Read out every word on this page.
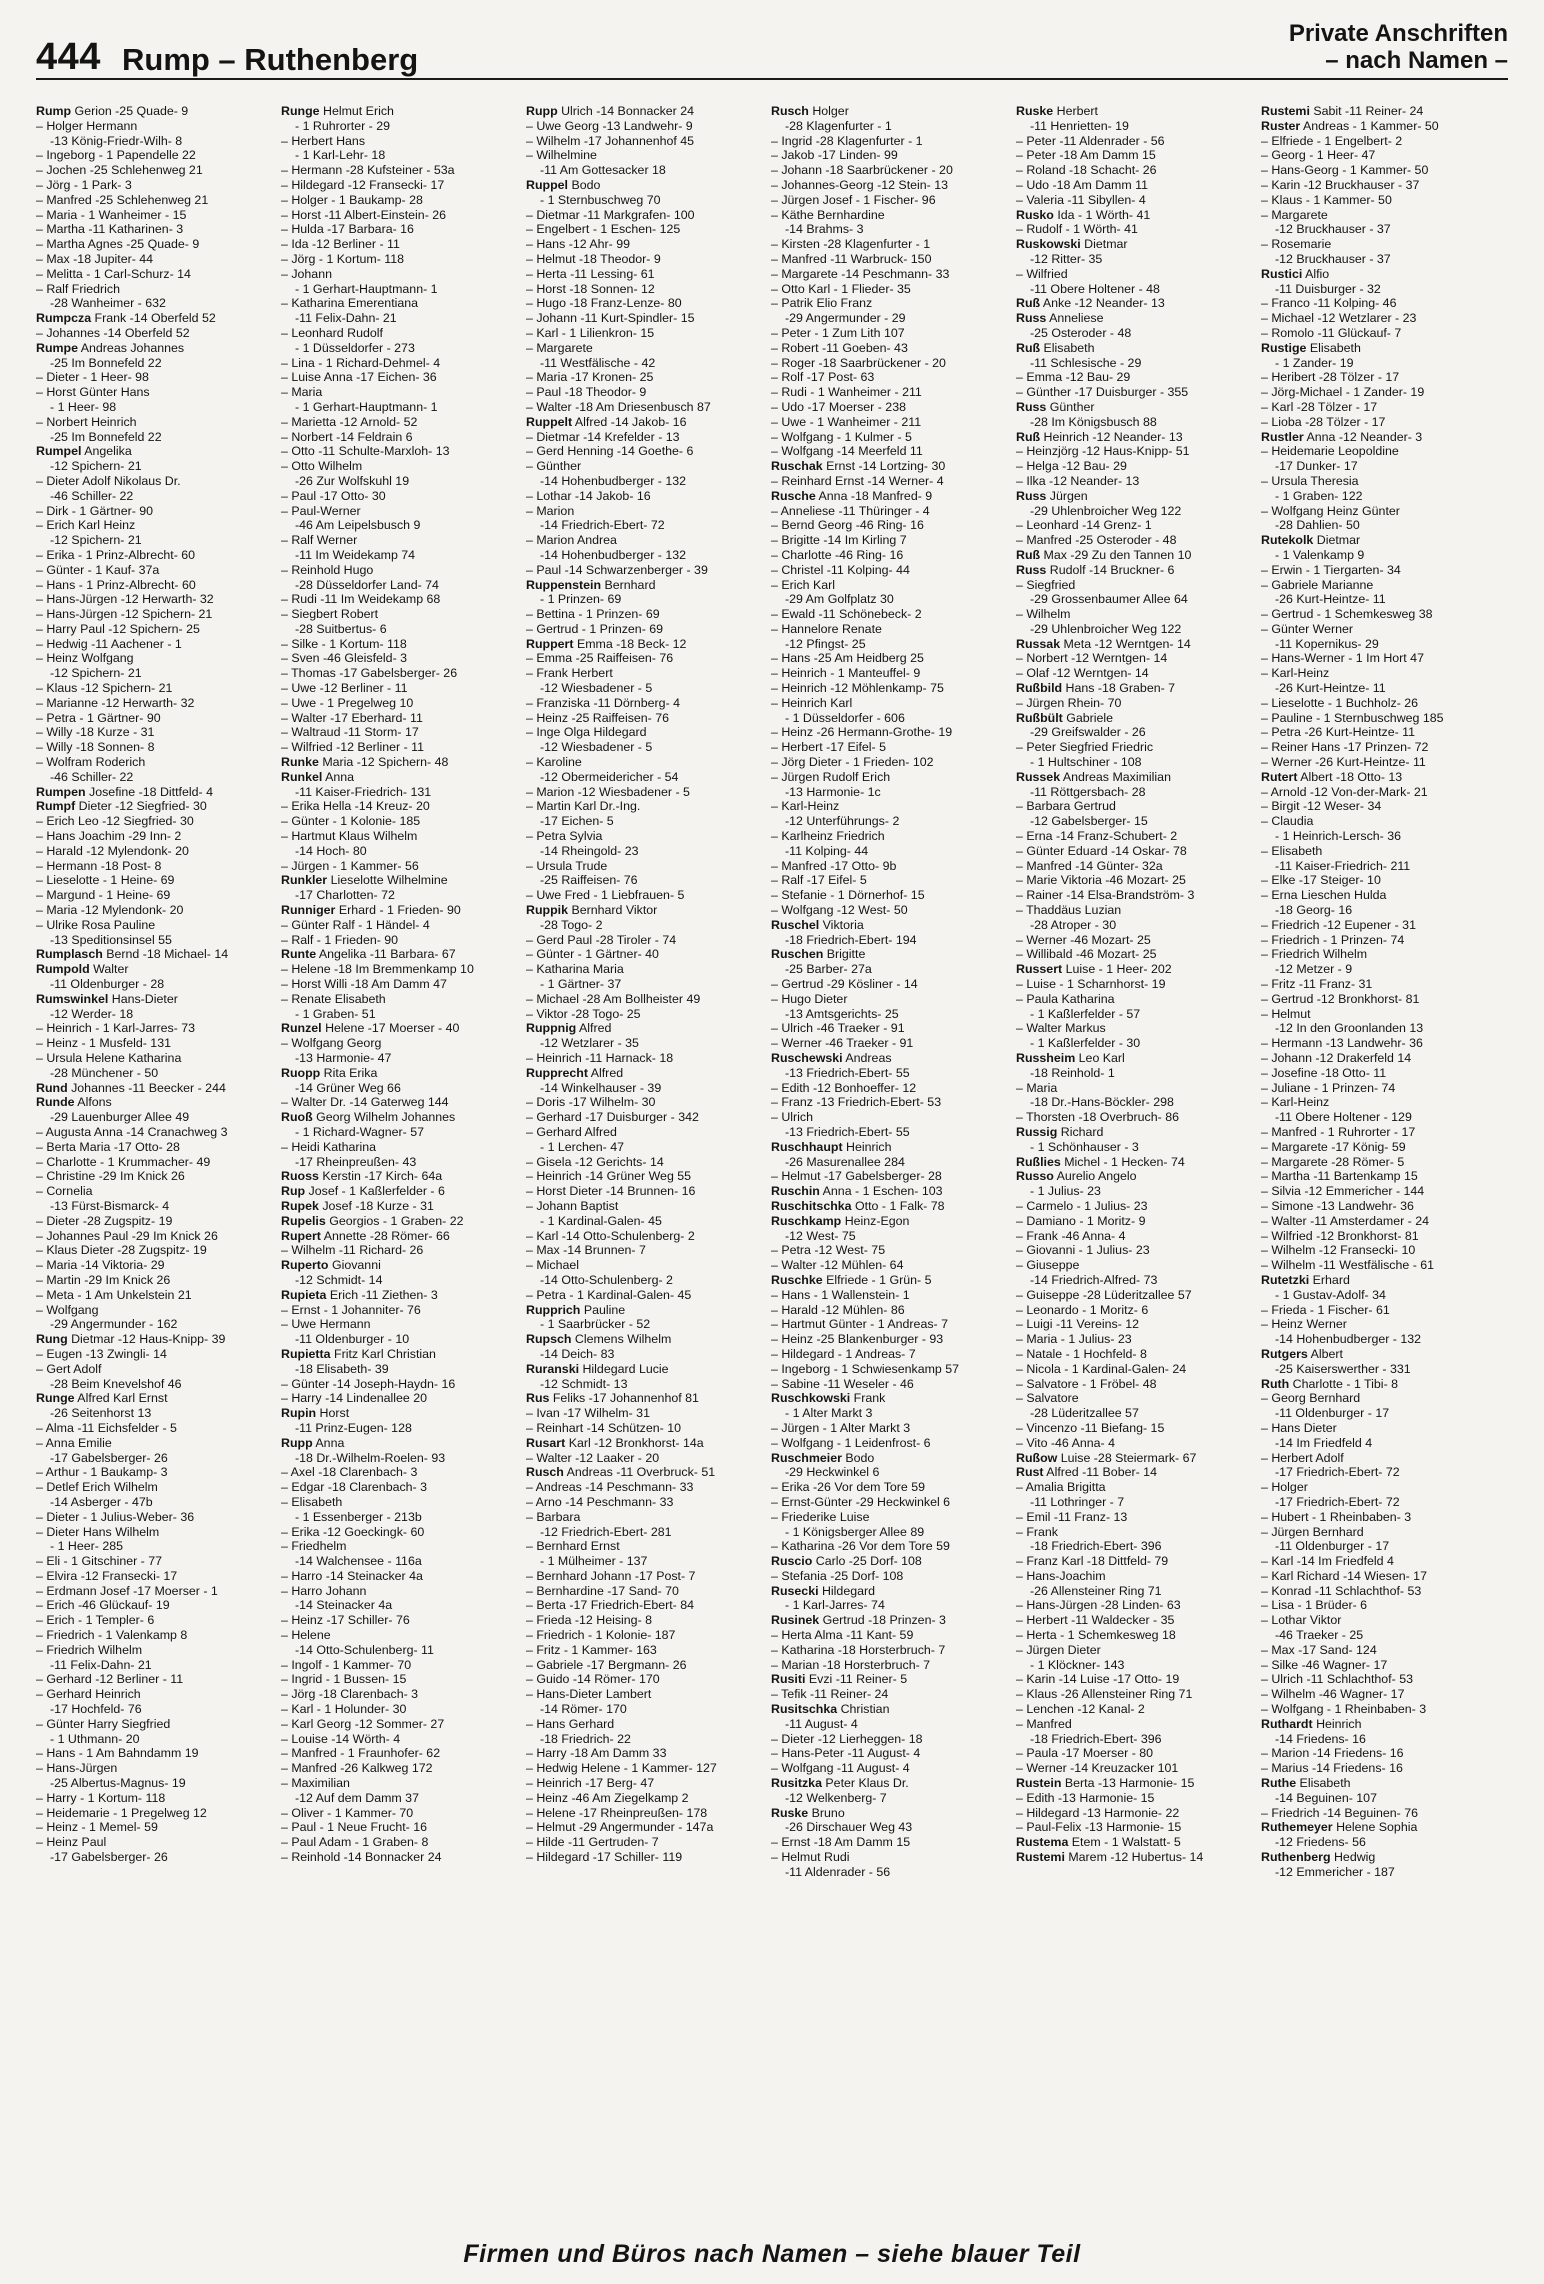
444 Rump – Ruthenberg
Private Anschriften
– nach Namen –
Rump Gerion -25 Quade- 9
– Holger Hermann
-13 König-Friedr-Wilh- 8
– Ingeborg - 1 Papendelle 22
– Jochen -25 Schlehenweg 21
– Jörg - 1 Park- 3
– Manfred -25 Schlehenweg 21
– Maria - 1 Wanheimer - 15
– Martha -11 Katharinen- 3
– Martha Agnes -25 Quade- 9
– Max -18 Jupiter- 44
– Melitta - 1 Carl-Schurz- 14
– Ralf Friedrich
-28 Wanheimer - 632
Rumpcza Frank -14 Oberfeld 52
– Johannes -14 Oberfeld 52
Rumpe Andreas Johannes
-25 Im Bonnefeld 22
– Dieter - 1 Heer- 98
– Horst Günter Hans
- 1 Heer- 98
– Norbert Heinrich
-25 Im Bonnefeld 22
Rumpel Angelika
-12 Spichern- 21
– Dieter Adolf Nikolaus Dr.
-46 Schiller- 22
– Dirk - 1 Gärtner- 90
– Erich Karl Heinz
-12 Spichern- 21
– Erika - 1 Prinz-Albrecht- 60
– Günter - 1 Kauf- 37a
– Hans - 1 Prinz-Albrecht- 60
– Hans-Jürgen -12 Herwarth- 32
– Hans-Jürgen -12 Spichern- 21
– Harry Paul -12 Spichern- 25
– Hedwig -11 Aachener - 1
– Heinz Wolfgang
-12 Spichern- 21
– Klaus -12 Spichern- 21
– Marianne -12 Herwarth- 32
– Petra - 1 Gärtner- 90
– Willy -18 Kurze - 31
– Willy -18 Sonnen- 8
– Wolfram Roderich
-46 Schiller- 22
Rumpen Josefine -18 Dittfeld- 4
Rumpf Dieter -12 Siegfried- 30
– Erich Leo -12 Siegfried- 30
– Hans Joachim -29 Inn- 2
– Harald -12 Mylendonk- 20
– Hermann -18 Post- 8
– Lieselotte - 1 Heine- 69
– Margund - 1 Heine- 69
– Maria -12 Mylendonk- 20
– Ulrike Rosa Pauline
-13 Speditionsinsel 55
Rumplasch Bernd -18 Michael- 14
Rumpold Walter
-11 Oldenburger - 28
Rumswinkel Hans-Dieter
-12 Werder- 18
– Heinrich - 1 Karl-Jarres- 73
– Heinz - 1 Musfeld- 131
– Ursula Helene Katharina
-28 Münchener - 50
Rund Johannes -11 Beecker - 244
Runde Alfons
-29 Lauenburger Allee 49
– Augusta Anna -14 Cranachweg 3
– Berta Maria -17 Otto- 28
– Charlotte - 1 Krummacher- 49
– Christine -29 Im Knick 26
– Cornelia
-13 Fürst-Bismarck- 4
– Dieter -28 Zugspitz- 19
– Johannes Paul -29 Im Knick 26
– Klaus Dieter -28 Zugspitz- 19
– Maria -14 Viktoria- 29
– Martin -29 Im Knick 26
– Meta - 1 Am Unkelstein 21
– Wolfgang
-29 Angermunder - 162
Rung Dietmar -12 Haus-Knipp- 39
– Eugen -13 Zwingli- 14
– Gert Adolf
-28 Beim Knevelshof 46
Runge Alfred Karl Ernst
-26 Seitenhorst 13
– Alma -11 Eichsfelder - 5
– Anna Emilie
-17 Gabelsberger- 26
– Arthur - 1 Baukamp- 3
– Detlef Erich Wilhelm
-14 Asberger - 47b
– Dieter - 1 Julius-Weber- 36
– Dieter Hans Wilhelm
- 1 Heer- 285
– Eli - 1 Gitschiner - 77
– Elvira -12 Fransecki- 17
– Erdmann Josef -17 Moerser - 1
– Erich -46 Glückauf- 19
– Erich - 1 Templer- 6
– Friedrich - 1 Valenkamp 8
– Friedrich Wilhelm
-11 Felix-Dahn- 21
– Gerhard -12 Berliner - 11
– Gerhard Heinrich
-17 Hochfeld- 76
– Günter Harry Siegfried
- 1 Uthmann- 20
– Hans - 1 Am Bahndamm 19
– Hans-Jürgen
-25 Albertus-Magnus- 19
– Harry - 1 Kortum- 118
– Heidemarie - 1 Pregelweg 12
– Heinz - 1 Memel- 59
– Heinz Paul
-17 Gabelsberger- 26
Runge Helmut Erich
- 1 Ruhrorter - 29
– Herbert Hans
- 1 Karl-Lehr- 18
– Hermann -28 Kufsteiner - 53a
– Hildegard -12 Fransecki- 17
– Holger - 1 Baukamp- 28
– Horst -11 Albert-Einstein- 26
– Hulda -17 Barbara- 16
– Ida -12 Berliner - 11
– Jörg - 1 Kortum- 118
– Johann
- 1 Gerhart-Hauptmann- 1
– Katharina Emerentiana
-11 Felix-Dahn- 21
– Leonhard Rudolf
- 1 Düsseldorfer - 273
– Lina - 1 Richard-Dehmel- 4
– Luise Anna -17 Eichen- 36
– Maria
- 1 Gerhart-Hauptmann- 1
– Marietta -12 Arnold- 52
– Norbert -14 Feldrain 6
– Otto -11 Schulte-Marxloh- 13
– Otto Wilhelm
-26 Zur Wolfskuhl 19
– Paul -17 Otto- 30
– Paul-Werner
-46 Am Leipelsbusch 9
– Ralf Werner
-11 Im Weidekamp 74
– Reinhold Hugo
-28 Düsseldorfer Land- 74
– Rudi -11 Im Weidekamp 68
– Siegbert Robert
-28 Suitbertus- 6
– Silke - 1 Kortum- 118
– Sven -46 Gleisfeld- 3
– Thomas -17 Gabelsberger- 26
– Uwe -12 Berliner - 11
– Uwe - 1 Pregelweg 10
– Walter -17 Eberhard- 11
– Waltraud -11 Storm- 17
– Wilfried -12 Berliner - 11
Runke Maria -12 Spichern- 48
Runkel Anna
-11 Kaiser-Friedrich- 131
– Erika Hella -14 Kreuz- 20
– Günter - 1 Kolonie- 185
– Hartmut Klaus Wilhelm
-14 Hoch- 80
– Jürgen - 1 Kammer- 56
Runkler Lieselotte Wilhelmine
-17 Charlotten- 72
Runniger Erhard - 1 Frieden- 90
– Günter Ralf - 1 Händel- 4
– Ralf - 1 Frieden- 90
Runte Angelika -11 Barbara- 67
– Helene -18 Im Bremmenkamp 10
– Horst Willi -18 Am Damm 47
– Renate Elisabeth
- 1 Graben- 51
Runzel Helene -17 Moerser - 40
– Wolfgang Georg
-13 Harmonie- 47
Ruopp Rita Erika
-14 Grüner Weg 66
– Walter Dr. -14 Gaterweg 144
Ruoß Georg Wilhelm Johannes
- 1 Richard-Wagner- 57
– Heidi Katharina
-17 Rheinpreußen- 43
Ruoss Kerstin -17 Kirch- 64a
Rup Josef - 1 Kaßlerfelder - 6
Rupek Josef -18 Kurze - 31
Rupelis Georgios - 1 Graben- 22
Rupert Annette -28 Römer- 66
– Wilhelm -11 Richard- 26
Ruperto Giovanni
-12 Schmidt- 14
Rupieta Erich -11 Ziethen- 3
– Ernst - 1 Johanniter- 76
– Uwe Hermann
-11 Oldenburger - 10
Rupietta Fritz Karl Christian
-18 Elisabeth- 39
– Günter -14 Joseph-Haydn- 16
– Harry -14 Lindenallee 20
Rupin Horst
-11 Prinz-Eugen- 128
Rupp Anna
-18 Dr.-Wilhelm-Roelen- 93
– Axel -18 Clarenbach- 3
– Edgar -18 Clarenbach- 3
– Elisabeth
- 1 Essenberger - 213b
– Erika -12 Goeckingk- 60
– Friedhelm
-14 Walchensee - 116a
– Harro -14 Steinacker 4a
– Harro Johann
-14 Steinacker 4a
– Heinz -17 Schiller- 76
– Helene
-14 Otto-Schulenberg- 11
– Ingolf - 1 Kammer- 70
– Ingrid - 1 Bussen- 15
– Jörg -18 Clarenbach- 3
– Karl - 1 Holunder- 30
– Karl Georg -12 Sommer- 27
– Louise -14 Wörth- 4
– Manfred - 1 Fraunhofer- 62
– Manfred -26 Kalkweg 172
– Maximilian
-12 Auf dem Damm 37
– Oliver - 1 Kammer- 70
– Paul - 1 Neue Frucht- 16
– Paul Adam - 1 Graben- 8
– Reinhold -14 Bonnacker 24
Rupp Ulrich -14 Bonnacker 24
– Uwe Georg -13 Landwehr- 9
– Wilhelm -17 Johannenhof 45
– Wilhelmine
-11 Am Gottesacker 18
Ruppel Bodo
- 1 Sternbuschweg 70
– Dietmar -11 Markgrafen- 100
– Engelbert - 1 Eschen- 125
– Hans -12 Ahr- 99
– Helmut -18 Theodor- 9
– Herta -11 Lessing- 61
– Horst -18 Sonnen- 12
– Hugo -18 Franz-Lenze- 80
– Johann -11 Kurt-Spindler- 15
– Karl - 1 Lilienkron- 15
– Margarete
-11 Westfälische - 42
– Maria -17 Kronen- 25
– Paul -18 Theodor- 9
– Walter -18 Am Driesenbusch 87
Ruppelt Alfred -14 Jakob- 16
– Dietmar -14 Krefelder - 13
– Gerd Henning -14 Goethe- 6
– Günther
-14 Hohenbudberger - 132
– Lothar -14 Jakob- 16
– Marion
-14 Friedrich-Ebert- 72
– Marion Andrea
-14 Hohenbudberger - 132
– Paul -14 Schwarzenberger - 39
Ruppenstein Bernhard
- 1 Prinzen- 69
– Bettina - 1 Prinzen- 69
– Gertrud - 1 Prinzen- 69
Ruppert Emma -18 Beck- 12
– Emma -25 Raiffeisen- 76
– Frank Herbert
-12 Wiesbadener - 5
– Franziska -11 Dörnberg- 4
– Heinz -25 Raiffeisen- 76
– Inge Olga Hildegard
-12 Wiesbadener - 5
– Karoline
-12 Obermeidericher - 54
– Marion -12 Wiesbadener - 5
– Martin Karl Dr.-Ing.
-17 Eichen- 5
– Petra Sylvia
-14 Rheingold- 23
– Ursula Trude
-25 Raiffeisen- 76
– Uwe Fred - 1 Liebfrauen- 5
Ruppik Bernhard Viktor
-28 Togo- 2
– Gerd Paul -28 Tiroler - 74
– Günter - 1 Gärtner- 40
– Katharina Maria
- 1 Gärtner- 37
– Michael -28 Am Bollheister 49
– Viktor -28 Togo- 25
Ruppnig Alfred
-12 Wetzlarer - 35
– Heinrich -11 Harnack- 18
Rupprecht Alfred
-14 Winkelhauser - 39
– Doris -17 Wilhelm- 30
– Gerhard -17 Duisburger - 342
– Gerhard Alfred
- 1 Lerchen- 47
– Gisela -12 Gerichts- 14
– Heinrich -14 Grüner Weg 55
– Horst Dieter -14 Brunnen- 16
– Johann Baptist
- 1 Kardinal-Galen- 45
– Karl -14 Otto-Schulenberg- 2
– Max -14 Brunnen- 7
– Michael
-14 Otto-Schulenberg- 2
– Petra - 1 Kardinal-Galen- 45
Rupprich Pauline
- 1 Saarbrücker - 52
Rupsch Clemens Wilhelm
-14 Deich- 83
Ruranski Hildegard Lucie
-12 Schmidt- 13
Rus Feliks -17 Johannenhof 81
– Ivan -17 Wilhelm- 31
– Reinhart -14 Schützen- 10
Rusart Karl -12 Bronkhorst- 14a
– Walter -12 Laaker - 20
Rusch Andreas -11 Overbruck- 51
– Andreas -14 Peschmann- 33
– Arno -14 Peschmann- 33
– Barbara
-12 Friedrich-Ebert- 281
– Bernhard Ernst
- 1 Mülheimer - 137
– Bernhard Johann -17 Post- 7
– Bernhardine -17 Sand- 70
– Berta -17 Friedrich-Ebert- 84
– Frieda -12 Heising- 8
– Friedrich - 1 Kolonie- 187
– Fritz - 1 Kammer- 163
– Gabriele -17 Bergmann- 26
– Guido -14 Römer- 170
– Hans-Dieter Lambert
-14 Römer- 170
– Hans Gerhard
-18 Friedrich- 22
– Harry -18 Am Damm 33
– Hedwig Helene - 1 Kammer- 127
– Heinrich -17 Berg- 47
– Heinz -46 Am Ziegelkamp 2
– Helene -17 Rheinpreußen- 178
– Helmut -29 Angermunder - 147a
– Hilde -11 Gertruden- 7
– Hildegard -17 Schiller- 119
Rusch Holger
-28 Klagenfurter - 1
– Ingrid -28 Klagenfurter - 1
– Jakob -17 Linden- 99
– Johann -18 Saarbrückener - 20
– Johannes-Georg -12 Stein- 13
– Jürgen Josef - 1 Fischer- 96
– Käthe Bernhardine
-14 Brahms- 3
– Kirsten -28 Klagenfurter - 1
– Manfred -11 Warbruck- 150
– Margarete -14 Peschmann- 33
– Otto Karl - 1 Flieder- 35
– Patrik Elio Franz
-29 Angermunder - 29
– Peter - 1 Zum Lith 107
– Robert -11 Goeben- 43
– Roger -18 Saarbrückener - 20
– Rolf -17 Post- 63
– Rudi - 1 Wanheimer - 211
– Udo -17 Moerser - 238
– Uwe - 1 Wanheimer - 211
– Wolfgang - 1 Kulmer - 5
– Wolfgang -14 Meerfeld 11
Ruschak Ernst -14 Lortzing- 30
– Reinhard Ernst -14 Werner- 4
Rusche Anna -18 Manfred- 9
– Anneliese -11 Thüringer - 4
– Bernd Georg -46 Ring- 16
– Brigitte -14 Im Kirling 7
– Charlotte -46 Ring- 16
– Christel -11 Kolping- 44
– Erich Karl
-29 Am Golfplatz 30
– Ewald -11 Schönebeck- 2
– Hannelore Renate
-12 Pfingst- 25
– Hans -25 Am Heidberg 25
– Heinrich - 1 Manteuffel- 9
– Heinrich -12 Möhlenkamp- 75
– Heinrich Karl
- 1 Düsseldorfer - 606
– Heinz -26 Hermann-Grothe- 19
– Herbert -17 Eifel- 5
– Jörg Dieter - 1 Frieden- 102
– Jürgen Rudolf Erich
-13 Harmonie- 1c
– Karl-Heinz
-12 Unterführungs- 2
– Karlheinz Friedrich
-11 Kolping- 44
– Manfred -17 Otto- 9b
– Ralf -17 Eifel- 5
– Stefanie - 1 Dörnerhof- 15
– Wolfgang -12 West- 50
Ruschel Viktoria
-18 Friedrich-Ebert- 194
Ruschen Brigitte
-25 Barber- 27a
– Gertrud -29 Kösliner - 14
– Hugo Dieter
-13 Amtsgerichts- 25
– Ulrich -46 Traeker - 91
– Werner -46 Traeker - 91
Ruschewski Andreas
-13 Friedrich-Ebert- 55
– Edith -12 Bonhoeffer- 12
– Franz -13 Friedrich-Ebert- 53
– Ulrich
-13 Friedrich-Ebert- 55
Ruschhaupt Heinrich
-26 Masurenallee 284
– Helmut -17 Gabelsberger- 28
Ruschin Anna - 1 Eschen- 103
Ruschitschka Otto - 1 Falk- 78
Ruschkamp Heinz-Egon
-12 West- 75
– Petra -12 West- 75
– Walter -12 Mühlen- 64
Ruschke Elfriede - 1 Grün- 5
– Hans - 1 Wallenstein- 1
– Harald -12 Mühlen- 86
– Hartmut Günter - 1 Andreas- 7
– Heinz -25 Blankenburger - 93
– Hildegard - 1 Andreas- 7
– Ingeborg - 1 Schwiesenkamp 57
– Sabine -11 Weseler - 46
Ruschkowski Frank
- 1 Alter Markt 3
– Jürgen - 1 Alter Markt 3
– Wolfgang - 1 Leidenfrost- 6
Ruschmeier Bodo
-29 Heckwinkel 6
– Erika -26 Vor dem Tore 59
– Ernst-Günter -29 Heckwinkel 6
– Friederike Luise
- 1 Königsberger Allee 89
– Katharina -26 Vor dem Tore 59
Ruscio Carlo -25 Dorf- 108
– Stefania -25 Dorf- 108
Rusecki Hildegard
- 1 Karl-Jarres- 74
Rusinek Gertrud -18 Prinzen- 3
– Herta Alma -11 Kant- 59
– Katharina -18 Horsterbruch- 7
– Marian -18 Horsterbruch- 7
Rusiti Evzi -11 Reiner- 5
– Tefik -11 Reiner- 24
Rusitschka Christian
-11 August- 4
– Dieter -12 Lierheggen- 18
– Hans-Peter -11 August- 4
– Wolfgang -11 August- 4
Rusitzka Peter Klaus Dr.
-12 Welkenberg- 7
Ruske Bruno
-26 Dirschauer Weg 43
– Ernst -18 Am Damm 15
– Helmut Rudi
-11 Aldenrader - 56
Ruske Herbert
-11 Henrietten- 19
– Peter -11 Aldenrader - 56
– Peter -18 Am Damm 15
– Roland -18 Schacht- 26
– Udo -18 Am Damm 11
– Valeria -11 Sibyllen- 4
Rusko Ida - 1 Wörth- 41
– Rudolf - 1 Wörth- 41
Ruskowski Dietmar
-12 Ritter- 35
– Wilfried
-11 Obere Holtener - 48
Ruß Anke -12 Neander- 13
Russ Anneliese
-25 Osteroder - 48
Ruß Elisabeth
-11 Schlesische - 29
– Emma -12 Bau- 29
– Günther -17 Duisburger - 355
Russ Günther
-28 Im Königsbusch 88
Ruß Heinrich -12 Neander- 13
– Heinzjörg -12 Haus-Knipp- 51
– Helga -12 Bau- 29
– Ilka -12 Neander- 13
Russ Jürgen
-29 Uhlenbroicher Weg 122
– Leonhard -14 Grenz- 1
– Manfred -25 Osteroder - 48
Ruß Max -29 Zu den Tannen 10
Russ Rudolf -14 Bruckner- 6
– Siegfried
-29 Grossenbaumer Allee 64
– Wilhelm
-29 Uhlenbroicher Weg 122
Russak Meta -12 Werntgen- 14
– Norbert -12 Werntgen- 14
– Olaf -12 Werntgen- 14
Rußbild Hans -18 Graben- 7
– Jürgen Rhein- 70
Rußbült Gabriele
-29 Greifswalder - 26
– Peter Siegfried Friedric
- 1 Hultschiner - 108
Russek Andreas Maximilian
-11 Röttgersbach- 28
– Barbara Gertrud
-12 Gabelsberger- 15
– Erna -14 Franz-Schubert- 2
– Günter Eduard -14 Oskar- 78
– Manfred -14 Günter- 32a
– Marie Viktoria -46 Mozart- 25
– Rainer -14 Elsa-Brandström- 3
– Thaddäus Luzian
-28 Atroper - 30
– Werner -46 Mozart- 25
– Willibald -46 Mozart- 25
Russert Luise - 1 Heer- 202
– Luise - 1 Scharnhorst- 19
– Paula Katharina
- 1 Kaßlerfelder - 57
– Walter Markus
- 1 Kaßlerfelder - 30
Russheim Leo Karl
-18 Reinhold- 1
– Maria
-18 Dr.-Hans-Böckler- 298
– Thorsten -18 Overbruch- 86
Russig Richard
- 1 Schönhauser - 3
Rußlies Michel - 1 Hecken- 74
Russo Aurelio Angelo
- 1 Julius- 23
– Carmelo - 1 Julius- 23
– Damiano - 1 Moritz- 9
– Frank -46 Anna- 4
– Giovanni - 1 Julius- 23
– Giuseppe
-14 Friedrich-Alfred- 73
– Guiseppe -28 Lüderitzallee 57
– Leonardo - 1 Moritz- 6
– Luigi -11 Vereins- 12
– Maria - 1 Julius- 23
– Natale - 1 Hochfeld- 8
– Nicola - 1 Kardinal-Galen- 24
– Salvatore - 1 Fröbel- 48
– Salvatore
-28 Lüderitzallee 57
– Vincenzo -11 Biefang- 15
– Vito -46 Anna- 4
Rußow Luise -28 Steiermark- 67
Rust Alfred -11 Bober- 14
– Amalia Brigitta
-11 Lothringer - 7
– Emil -11 Franz- 13
– Frank
-18 Friedrich-Ebert- 396
– Franz Karl -18 Dittfeld- 79
– Hans-Joachim
-26 Allensteiner Ring 71
– Hans-Jürgen -28 Linden- 63
– Herbert -11 Waldecker - 35
– Herta - 1 Schemkesweg 18
– Jürgen Dieter
- 1 Klöckner- 143
– Karin -14 Luise -17 Otto- 19
– Klaus -26 Allensteiner Ring 71
– Lenchen -12 Kanal- 2
– Manfred
-18 Friedrich-Ebert- 396
– Paula -17 Moerser - 80
– Werner -14 Kreuzacker 101
Rustein Berta -13 Harmonie- 15
– Edith -13 Harmonie- 15
– Hildegard -13 Harmonie- 22
– Paul-Felix -13 Harmonie- 15
Rustema Etem - 1 Walstatt- 5
Rustemi Marem -12 Hubertus- 14
Rustemi Sabit -11 Reiner- 24
Ruster Andreas - 1 Kammer- 50
– Elfriede - 1 Engelbert- 2
– Georg - 1 Heer- 47
– Hans-Georg - 1 Kammer- 50
– Karin -12 Bruckhauser - 37
– Klaus - 1 Kammer- 50
– Margarete
-12 Bruckhauser - 37
– Rosemarie
-12 Bruckhauser - 37
Rustici Alfio
-11 Duisburger - 32
– Franco -11 Kolping- 46
– Michael -12 Wetzlarer - 23
– Romolo -11 Glückauf- 7
Rustige Elisabeth
- 1 Zander- 19
– Heribert -28 Tölzer - 17
– Jörg-Michael - 1 Zander- 19
– Karl -28 Tölzer - 17
– Lioba -28 Tölzer - 17
Rustler Anna -12 Neander- 3
– Heidemarie Leopoldine
-17 Dunker- 17
– Ursula Theresia
- 1 Graben- 122
– Wolfgang Heinz Günter
-28 Dahlien- 50
Rutekolk Dietmar
- 1 Valenkamp 9
– Erwin - 1 Tiergarten- 34
– Gabriele Marianne
-26 Kurt-Heintze- 11
– Gertrud - 1 Schemkesweg 38
– Günter Werner
-11 Kopernikus- 29
– Hans-Werner - 1 Im Hort 47
– Karl-Heinz
-26 Kurt-Heintze- 11
– Lieselotte - 1 Buchholz- 26
– Pauline - 1 Sternbuschweg 185
– Petra -26 Kurt-Heintze- 11
– Reiner Hans -17 Prinzen- 72
– Werner -26 Kurt-Heintze- 11
Rutert Albert -18 Otto- 13
– Arnold -12 Von-der-Mark- 21
– Birgit -12 Weser- 34
– Claudia
- 1 Heinrich-Lersch- 36
– Elisabeth
-11 Kaiser-Friedrich- 211
– Elke -17 Steiger- 10
– Erna Lieschen Hulda
-18 Georg- 16
– Friedrich -12 Eupener - 31
– Friedrich - 1 Prinzen- 74
– Friedrich Wilhelm
-12 Metzer - 9
– Fritz -11 Franz- 31
– Gertrud -12 Bronkhorst- 81
– Helmut
-12 In den Groonlanden 13
– Hermann -13 Landwehr- 36
– Johann -12 Drakerfeld 14
– Josefine -18 Otto- 11
– Juliane - 1 Prinzen- 74
– Karl-Heinz
-11 Obere Holtener - 129
– Manfred - 1 Ruhrorter - 17
– Margarete -17 König- 59
– Margarete -28 Römer- 5
– Martha -11 Bartenkamp 15
– Silvia -12 Emmericher - 144
– Simone -13 Landwehr- 36
– Walter -11 Amsterdamer - 24
– Wilfried -12 Bronkhorst- 81
– Wilhelm -12 Fransecki- 10
– Wilhelm -11 Westfälische - 61
Rutetzki Erhard
- 1 Gustav-Adolf- 34
– Frieda - 1 Fischer- 61
– Heinz Werner
-14 Hohenbudberger - 132
Rutgers Albert
-25 Kaiserswerther - 331
Ruth Charlotte - 1 Tibi- 8
– Georg Bernhard
-11 Oldenburger - 17
– Hans Dieter
-14 Im Friedfeld 4
– Herbert Adolf
-17 Friedrich-Ebert- 72
– Holger
-17 Friedrich-Ebert- 72
– Hubert - 1 Rheinbaben- 3
– Jürgen Bernhard
-11 Oldenburger - 17
– Karl -14 Im Friedfeld 4
– Karl Richard -14 Wiesen- 17
– Konrad -11 Schlachthof- 53
– Lisa - 1 Brüder- 6
– Lothar Viktor
-46 Traeker - 25
– Max -17 Sand- 124
– Silke -46 Wagner- 17
– Ulrich -11 Schlachthof- 53
– Wilhelm -46 Wagner- 17
– Wolfgang - 1 Rheinbaben- 3
Ruthardt Heinrich
-14 Friedens- 16
– Marion -14 Friedens- 16
– Marius -14 Friedens- 16
Ruthe Elisabeth
-14 Beguinen- 107
– Friedrich -14 Beguinen- 76
Ruthemeyer Helene Sophia
-12 Friedens- 56
Ruthenberg Hedwig
-12 Emmericher - 187
Firmen und Büros nach Namen – siehe blauer Teil
